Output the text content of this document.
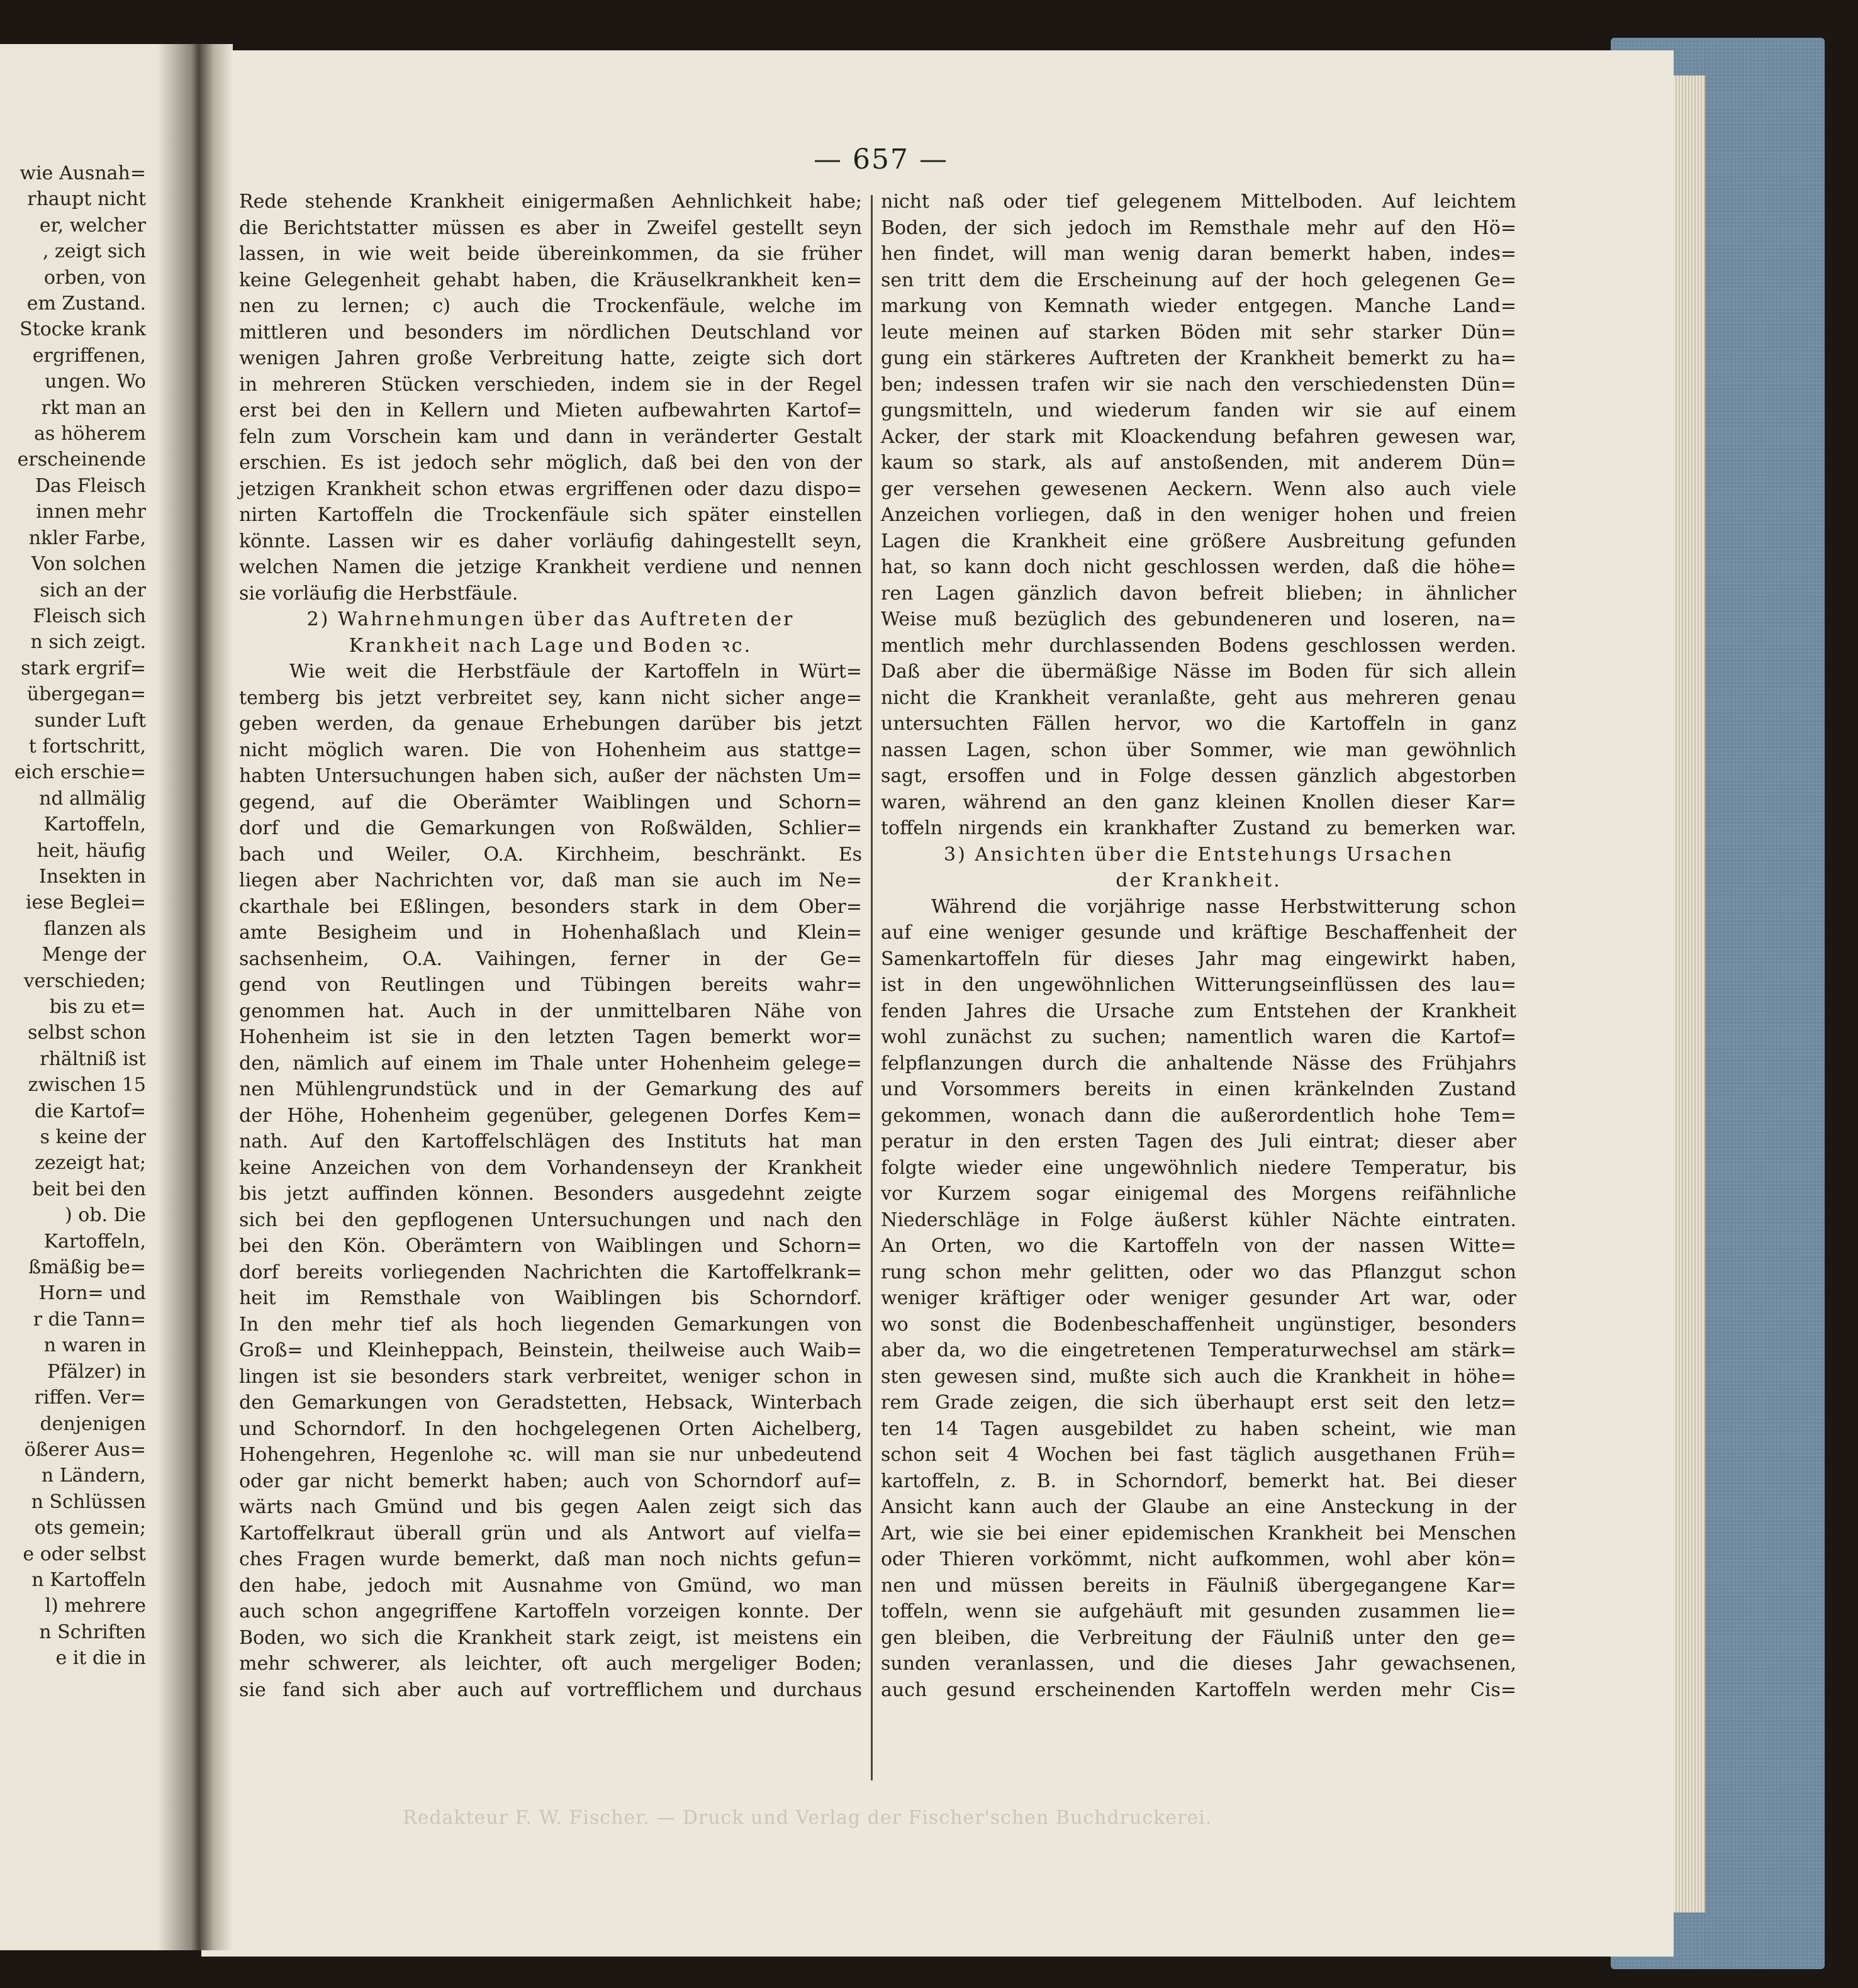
wie Ausnah=
rhaupt nicht
er, welcher
, zeigt sich
orben, von
em Zustand.
Stocke krank
ergriffenen,
ungen. Wo
rkt man an
as höherem
erscheinende
Das Fleisch
innen mehr
nkler Farbe,
Von solchen
sich an der
Fleisch sich
n sich zeigt.
stark ergrif=
übergegan=
sunder Luft
t fortschritt,
eich erschie=
nd allmälig
Kartoffeln,
heit, häufig
Insekten in
iese Beglei=
flanzen als
Menge der
verschieden;
bis zu et=
selbst schon
rhältniß ist
zwischen 15
die Kartof=
s keine der
zezeigt hat;
beit bei den
) ob. Die
Kartoffeln,
ßmäßig be=
Horn= und
r die Tann=
n waren in
Pfälzer) in
riffen. Ver=
denjenigen
ößerer Aus=
n Ländern,
n Schlüssen
ots gemein;
e oder selbst
n Kartoffeln
l) mehrere
n Schriften
e it die in
— 657 —
Rede stehende Krankheit einigermaßen Aehnlichkeit habe;
die Berichtstatter müssen es aber in Zweifel gestellt seyn
lassen, in wie weit beide übereinkommen, da sie früher
keine Gelegenheit gehabt haben, die Kräuselkrankheit ken=
nen zu lernen; c) auch die Trockenfäule, welche im
mittleren und besonders im nördlichen Deutschland vor
wenigen Jahren große Verbreitung hatte, zeigte sich dort
in mehreren Stücken verschieden, indem sie in der Regel
erst bei den in Kellern und Mieten aufbewahrten Kartof=
feln zum Vorschein kam und dann in veränderter Gestalt
erschien. Es ist jedoch sehr möglich, daß bei den von der
jetzigen Krankheit schon etwas ergriffenen oder dazu dispo=
nirten Kartoffeln die Trockenfäule sich später einstellen
könnte. Lassen wir es daher vorläufig dahingestellt seyn,
welchen Namen die jetzige Krankheit verdiene und nennen
sie vorläufig die Herbstfäule.
2) Wahrnehmungen über das Auftreten der
Krankheit nach Lage und Boden ꝛc.
Wie weit die Herbstfäule der Kartoffeln in Würt=
temberg bis jetzt verbreitet sey, kann nicht sicher ange=
geben werden, da genaue Erhebungen darüber bis jetzt
nicht möglich waren. Die von Hohenheim aus stattge=
habten Untersuchungen haben sich, außer der nächsten Um=
gegend, auf die Oberämter Waiblingen und Schorn=
dorf und die Gemarkungen von Roßwälden, Schlier=
bach und Weiler, O.A. Kirchheim, beschränkt. Es
liegen aber Nachrichten vor, daß man sie auch im Ne=
ckarthale bei Eßlingen, besonders stark in dem Ober=
amte Besigheim und in Hohenhaßlach und Klein=
sachsenheim, O.A. Vaihingen, ferner in der Ge=
gend von Reutlingen und Tübingen bereits wahr=
genommen hat. Auch in der unmittelbaren Nähe von
Hohenheim ist sie in den letzten Tagen bemerkt wor=
den, nämlich auf einem im Thale unter Hohenheim gelege=
nen Mühlengrundstück und in der Gemarkung des auf
der Höhe, Hohenheim gegenüber, gelegenen Dorfes Kem=
nath. Auf den Kartoffelschlägen des Instituts hat man
keine Anzeichen von dem Vorhandenseyn der Krankheit
bis jetzt auffinden können. Besonders ausgedehnt zeigte
sich bei den gepflogenen Untersuchungen und nach den
bei den Kön. Oberämtern von Waiblingen und Schorn=
dorf bereits vorliegenden Nachrichten die Kartoffelkrank=
heit im Remsthale von Waiblingen bis Schorndorf.
In den mehr tief als hoch liegenden Gemarkungen von
Groß= und Kleinheppach, Beinstein, theilweise auch Waib=
lingen ist sie besonders stark verbreitet, weniger schon in
den Gemarkungen von Geradstetten, Hebsack, Winterbach
und Schorndorf. In den hochgelegenen Orten Aichelberg,
Hohengehren, Hegenlohe ꝛc. will man sie nur unbedeutend
oder gar nicht bemerkt haben; auch von Schorndorf auf=
wärts nach Gmünd und bis gegen Aalen zeigt sich das
Kartoffelkraut überall grün und als Antwort auf vielfa=
ches Fragen wurde bemerkt, daß man noch nichts gefun=
den habe, jedoch mit Ausnahme von Gmünd, wo man
auch schon angegriffene Kartoffeln vorzeigen konnte. Der
Boden, wo sich die Krankheit stark zeigt, ist meistens ein
mehr schwerer, als leichter, oft auch mergeliger Boden;
sie fand sich aber auch auf vortrefflichem und durchaus
nicht naß oder tief gelegenem Mittelboden. Auf leichtem
Boden, der sich jedoch im Remsthale mehr auf den Hö=
hen findet, will man wenig daran bemerkt haben, indes=
sen tritt dem die Erscheinung auf der hoch gelegenen Ge=
markung von Kemnath wieder entgegen. Manche Land=
leute meinen auf starken Böden mit sehr starker Dün=
gung ein stärkeres Auftreten der Krankheit bemerkt zu ha=
ben; indessen trafen wir sie nach den verschiedensten Dün=
gungsmitteln, und wiederum fanden wir sie auf einem
Acker, der stark mit Kloackendung befahren gewesen war,
kaum so stark, als auf anstoßenden, mit anderem Dün=
ger versehen gewesenen Aeckern. Wenn also auch viele
Anzeichen vorliegen, daß in den weniger hohen und freien
Lagen die Krankheit eine größere Ausbreitung gefunden
hat, so kann doch nicht geschlossen werden, daß die höhe=
ren Lagen gänzlich davon befreit blieben; in ähnlicher
Weise muß bezüglich des gebundeneren und loseren, na=
mentlich mehr durchlassenden Bodens geschlossen werden.
Daß aber die übermäßige Nässe im Boden für sich allein
nicht die Krankheit veranlaßte, geht aus mehreren genau
untersuchten Fällen hervor, wo die Kartoffeln in ganz
nassen Lagen, schon über Sommer, wie man gewöhnlich
sagt, ersoffen und in Folge dessen gänzlich abgestorben
waren, während an den ganz kleinen Knollen dieser Kar=
toffeln nirgends ein krankhafter Zustand zu bemerken war.
3) Ansichten über die Entstehungs Ursachen
der Krankheit.
Während die vorjährige nasse Herbstwitterung schon
auf eine weniger gesunde und kräftige Beschaffenheit der
Samenkartoffeln für dieses Jahr mag eingewirkt haben,
ist in den ungewöhnlichen Witterungseinflüssen des lau=
fenden Jahres die Ursache zum Entstehen der Krankheit
wohl zunächst zu suchen; namentlich waren die Kartof=
felpflanzungen durch die anhaltende Nässe des Frühjahrs
und Vorsommers bereits in einen kränkelnden Zustand
gekommen, wonach dann die außerordentlich hohe Tem=
peratur in den ersten Tagen des Juli eintrat; dieser aber
folgte wieder eine ungewöhnlich niedere Temperatur, bis
vor Kurzem sogar einigemal des Morgens reifähnliche
Niederschläge in Folge äußerst kühler Nächte eintraten.
An Orten, wo die Kartoffeln von der nassen Witte=
rung schon mehr gelitten, oder wo das Pflanzgut schon
weniger kräftiger oder weniger gesunder Art war, oder
wo sonst die Bodenbeschaffenheit ungünstiger, besonders
aber da, wo die eingetretenen Temperaturwechsel am stärk=
sten gewesen sind, mußte sich auch die Krankheit in höhe=
rem Grade zeigen, die sich überhaupt erst seit den letz=
ten 14 Tagen ausgebildet zu haben scheint, wie man
schon seit 4 Wochen bei fast täglich ausgethanen Früh=
kartoffeln, z. B. in Schorndorf, bemerkt hat. Bei dieser
Ansicht kann auch der Glaube an eine Ansteckung in der
Art, wie sie bei einer epidemischen Krankheit bei Menschen
oder Thieren vorkömmt, nicht aufkommen, wohl aber kön=
nen und müssen bereits in Fäulniß übergegangene Kar=
toffeln, wenn sie aufgehäuft mit gesunden zusammen lie=
gen bleiben, die Verbreitung der Fäulniß unter den ge=
sunden veranlassen, und die dieses Jahr gewachsenen,
auch gesund erscheinenden Kartoffeln werden mehr Cis=
Redakteur F. W. Fischer. — Druck und Verlag der Fischer'schen Buchdruckerei.
